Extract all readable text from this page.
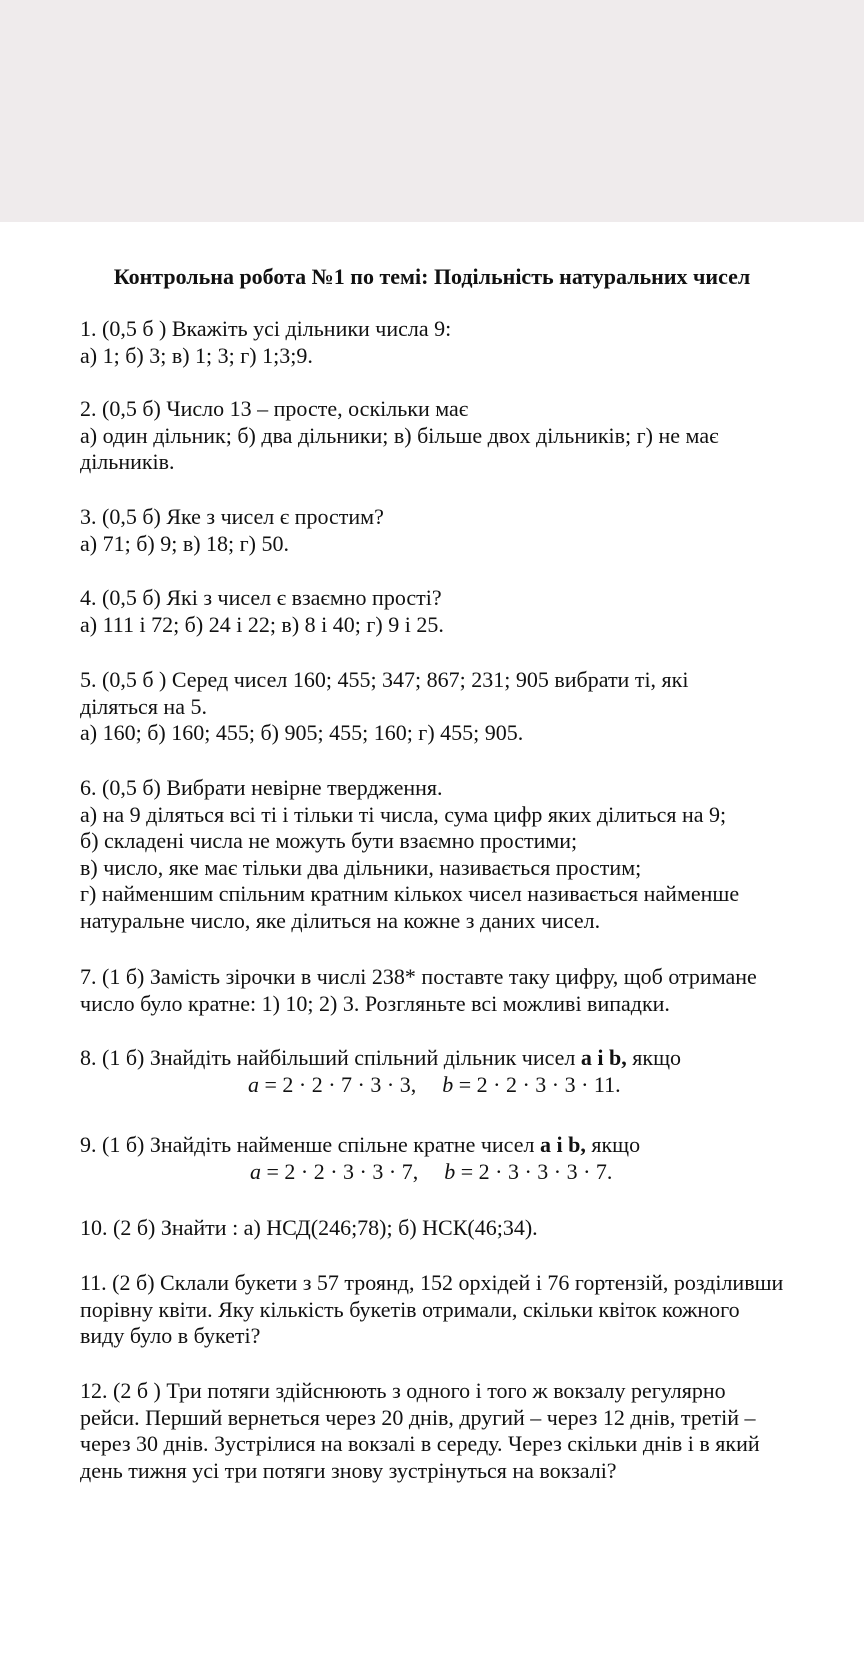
Контрольна робота №1 по темі: Подільність натуральних чисел
1. (0,5 б ) Вкажіть усі дільники числа 9:
а) 1; б) 3; в) 1; 3; г) 1;3;9.
2. (0,5 б) Число 13 – просте, оскільки має
а) один дільник; б) два дільники; в) більше двох дільників; г) не має
дільників.
3. (0,5 б) Яке з чисел є простим?
а) 71; б) 9; в) 18; г) 50.
4. (0,5 б) Які з чисел є взаємно прості?
а) 111 і 72; б) 24 і 22; в) 8 і 40; г) 9 і 25.
5. (0,5 б ) Серед чисел 160; 455; 347; 867; 231; 905 вибрати ті, які
діляться на 5.
а) 160; б) 160; 455; б) 905; 455; 160; г) 455; 905.
6. (0,5 б) Вибрати невірне твердження.
а) на 9 діляться всі ті і тільки ті числа, сума цифр яких ділиться на 9;
б) складені числа не можуть бути взаємно простими;
в) число, яке має тільки два дільники, називається простим;
г) найменшим спільним кратним кількох чисел називається найменше
натуральне число, яке ділиться на кожне з даних чисел.
7. (1 б) Замість зірочки в числі 238* поставте таку цифру, щоб отримане
число було кратне: 1) 10; 2) 3. Розгляньте всі можливі випадки.
8. (1 б) Знайдіть найбільший спільний дільник чисел a і b, якщо
a = 2 · 2 · 7 · 3 · 3, b = 2 · 2 · 3 · 3 · 11.
9. (1 б) Знайдіть найменше спільне кратне чисел a і b, якщо
a = 2 · 2 · 3 · 3 · 7, b = 2 · 3 · 3 · 3 · 7.
10. (2 б) Знайти : а) НСД(246;78); б) НСК(46;34).
11. (2 б) Склали букети з 57 троянд, 152 орхідей і 76 гортензій, розділивши
порівну квіти. Яку кількість букетів отримали, скільки квіток кожного
виду було в букеті?
12. (2 б ) Три потяги здійснюють з одного і того ж вокзалу регулярно
рейси. Перший вернеться через 20 днів, другий – через 12 днів, третій –
через 30 днів. Зустрілися на вокзалі в середу. Через скільки днів і в який
день тижня усі три потяги знову зустрінуться на вокзалі?
